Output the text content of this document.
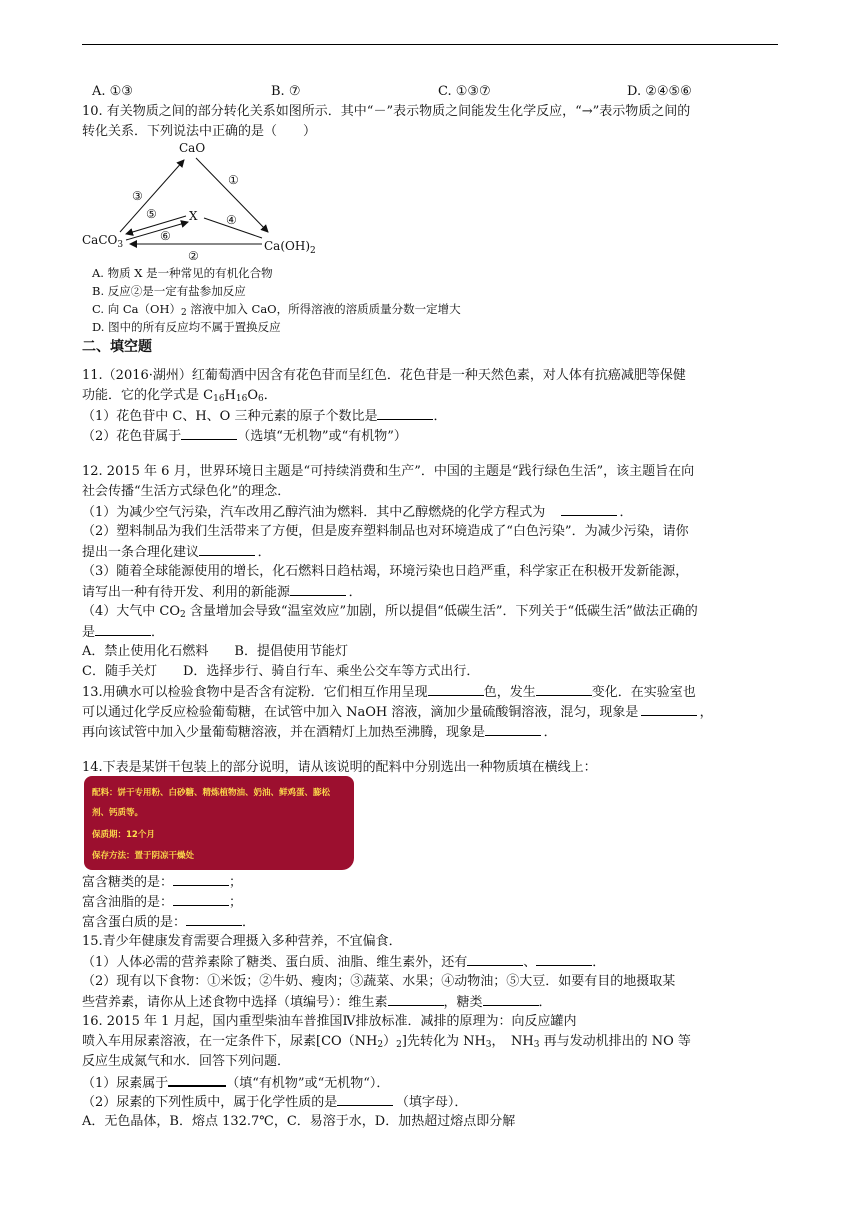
A. ①③	B. ⑦	C. ①③⑦	D. ②④⑤⑥
10. 有关物质之间的部分转化关系如图所示．其中“－”表示物质之间能发生化学反应，“→”表示物质之间的
转化关系．下列说法中正确的是（　　）
CaO
CaCO$_3$	$Ca(OH)_2$
X
③
①
⑤
⑥
④
②
A. 物质 X 是一种常见的有机化合物
B. 反应②是一定有盐参加反应
C. 向 $Ca(OH)_2$ 溶液中加入 CaO，所得溶液的溶质质量分数一定增大
D. 图中的所有反应均不属于置换反应
二、填空题
11.（2016·湖州）红葡萄酒中因含有花色苷而呈红色．花色苷是一种天然色素，对人体有抗癌减肥等保健
功能．它的化学式是 $C_{16}H_{16}O_6$．
（1）花色苷中 C、H、O 三种元素的原子个数比是	．
（2）花色苷属于	（选填“无机物”或“有机物”）
12. 2015 年 6 月，世界环境日主题是“可持续消费和生产”．中国的主题是“践行绿色生活”，该主题旨在向
社会传播“生活方式绿色化”的理念．
（1）为减少空气污染，汽车改用乙醇汽油为燃料．其中乙醇燃烧的化学方程式为　  	．
（2）塑料制品为我们生活带来了方便，但是废弃塑料制品也对环境造成了“白色污染”．为减少污染，请你
提出一条合理化建议 	．
（3）随着全球能源使用的增长，化石燃料日趋枯竭，环境污染也日趋严重，科学家正在积极开发新能源，
请写出一种有待开发、利用的新能源 	．
（4）大气中 $CO_2$ 含量增加会导致“温室效应”加剧，所以提倡“低碳生活”．下列关于“低碳生活”做法正确的
是	．
A．禁止使用化石燃料　　B．提倡使用节能灯
C．随手关灯　　D．选择步行、骑自行车、乘坐公交车等方式出行．
13.用碘水可以检验食物中是否含有淀粉．它们相互作用呈现	色，发生	变化．在实验室也
可以通过化学反应检验葡萄糖，在试管中加入 NaOH 溶液，滴加少量硫酸铜溶液，混匀，现象是  	，
再向该试管中加入少量葡萄糖溶液，并在酒精灯上加热至沸腾，现象是 	．
14.下表是某饼干包装上的部分说明，请从该说明的配料中分别选出一种物质填在横线上：
配料：饼干专用粉、白砂糖、精炼植物油、奶油、鲜鸡蛋、膨松
剂、钙质等。
保质期：12个月
保存方法：置于阴凉干燥处
富含糖类的是：	；
富含油脂的是：	；
富含蛋白质的是：	．
15.青少年健康发育需要合理摄入多种营养，不宜偏食．
（1）人体必需的营养素除了糖类、蛋白质、油脂、维生素外，还有	、	．
（2）现有以下食物：①米饭；②牛奶、瘦肉；③蔬菜、水果；④动物油；⑤大豆．如要有目的地摄取某
些营养素，请你从上述食物中选择（填编号）：维生素	，糖类	．
16. 2015 年 1 月起，国内重型柴油车普推国Ⅳ排放标准．减排的原理为：向反应罐内
喷入车用尿素溶液，在一定条件下，尿素$[CO(NH_2)_2]$先转化为 $NH_3$，　$NH_3$ 再与发动机排出的 NO 等
反应生成氮气和水．回答下列问题．
（1）尿素属于	（填“有机物”或“无机物“）．
（2）尿素的下列性质中，属于化学性质的是 	（填字母）．
A．无色晶体，B．熔点 132.7℃，C．易溶于水，D．加热超过熔点即分解
